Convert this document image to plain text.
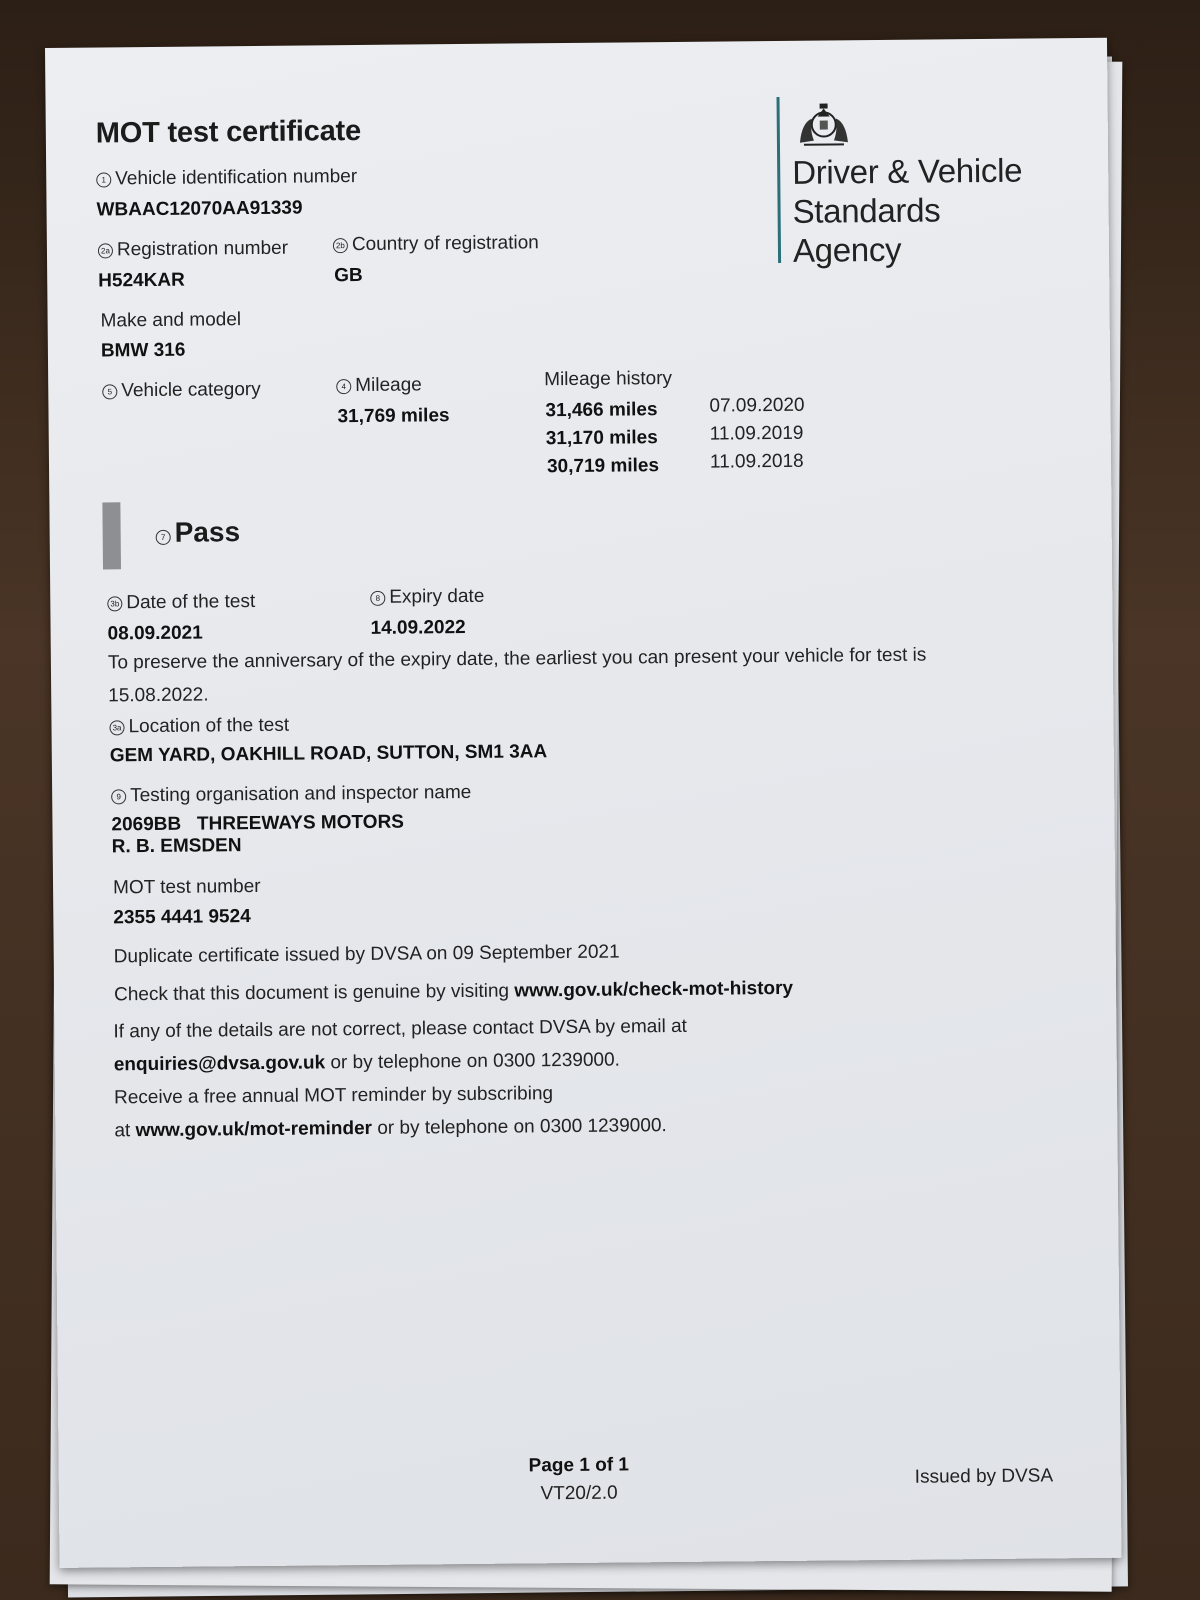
MOT test certificate
Driver & Vehicle
Standards
Agency
1 Vehicle identification number
WBAAC12070AA91339
2a Registration number
H524KAR
2b Country of registration
GB
Make and model
BMW 316
5 Vehicle category	4 Mileage
31,769 miles
Mileage history
31,466 miles	07.09.2020
31,170 miles	11.09.2019
30,719 miles	11.09.2018
7 Pass
3b Date of the test
08.09.2021
8 Expiry date
14.09.2022
To preserve the anniversary of the expiry date, the earliest you can present your vehicle for test is
15.08.2022.
3a Location of the test
GEM YARD, OAKHILL ROAD, SUTTON, SM1 3AA
9 Testing organisation and inspector name
2069BB   THREEWAYS MOTORS
R. B. EMSDEN
MOT test number
2355 4441 9524
Duplicate certificate issued by DVSA on 09 September 2021
Check that this document is genuine by visiting www.gov.uk/check-mot-history
If any of the details are not correct, please contact DVSA by email at
enquiries@dvsa.gov.uk or by telephone on 0300 1239000.
Receive a free annual MOT reminder by subscribing
at www.gov.uk/mot-reminder or by telephone on 0300 1239000.
Page 1 of 1
VT20/2.0
Issued by DVSA
